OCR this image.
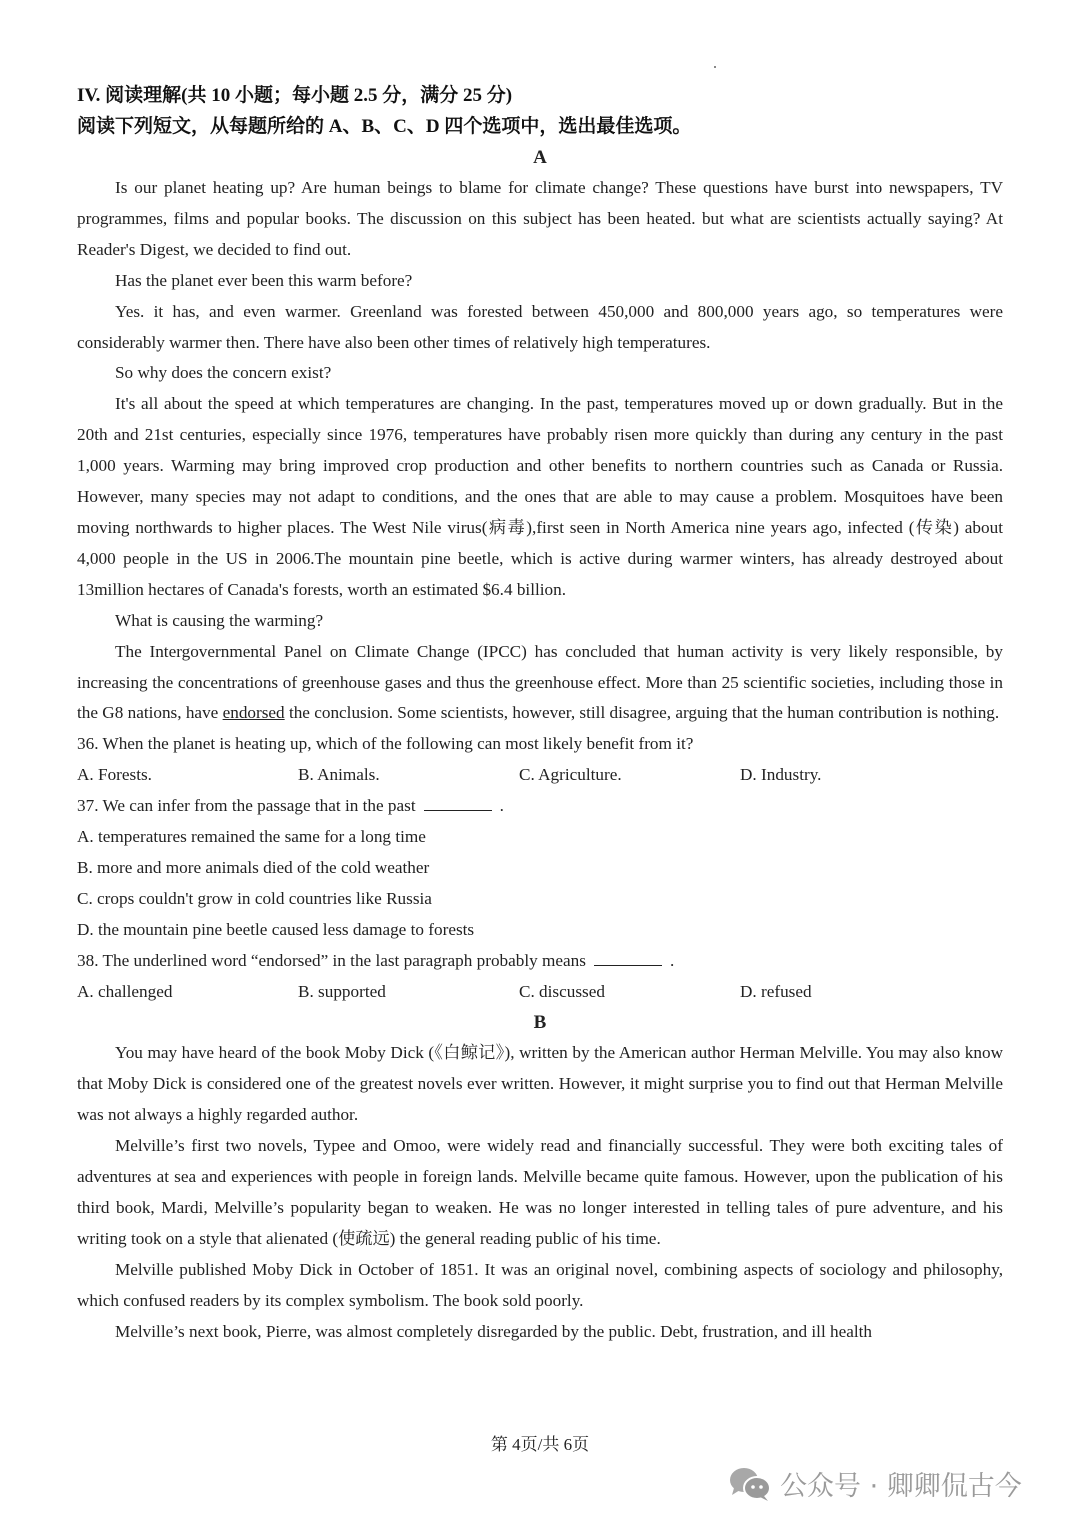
IV. 阅读理解(共 10 小题；每小题 2.5 分，满分 25 分)
阅读下列短文，从每题所给的 A、B、C、D 四个选项中，选出最佳选项。
A

Is our planet heating up? Are human beings to blame for climate change? These questions have burst into newspapers, TV programmes, films and popular books. The discussion on this subject has been heated. but what are scientists actually saying? At Reader's Digest, we decided to find out.

Has the planet ever been this warm before?

Yes. it has, and even warmer. Greenland was forested between 450,000 and 800,000 years ago, so temperatures were considerably warmer then. There have also been other times of relatively high temperatures.

So why does the concern exist?

It's all about the speed at which temperatures are changing. In the past, temperatures moved up or down gradually. But in the 20th and 21st centuries, especially since 1976, temperatures have probably risen more quickly than during any century in the past 1,000 years. Warming may bring improved crop production and other benefits to northern countries such as Canada or Russia. However, many species may not adapt to conditions, and the ones that are able to may cause a problem. Mosquitoes have been moving northwards to higher places. The West Nile virus(病毒),first seen in North America nine years ago, infected (传染) about 4,000 people in the US in 2006.The mountain pine beetle, which is active during warmer winters, has already destroyed about 13million hectares of Canada's forests, worth an estimated $6.4 billion.

What is causing the warming?

The Intergovernmental Panel on Climate Change (IPCC) has concluded that human activity is very likely responsible, by increasing the concentrations of greenhouse gases and thus the greenhouse effect. More than 25 scientific societies, including those in the G8 nations, have endorsed the conclusion. Some scientists, however, still disagree, arguing that the human contribution is nothing.

36. When the planet is heating up, which of the following can most likely benefit from it?

A. Forests.	B. Animals.	C. Agriculture.	D. Industry.

37. We can infer from the passage that in the past	.

A. temperatures remained the same for a long time

B. more and more animals died of the cold weather

C. crops couldn't grow in cold countries like Russia

D. the mountain pine beetle caused less damage to forests

38. The underlined word “endorsed” in the last paragraph probably means	.

A. challenged	B. supported	C. discussed	D. refused
B

You may have heard of the book Moby Dick (《白鲸记》), written by the American author Herman Melville. You may also know that Moby Dick is considered one of the greatest novels ever written. However, it might surprise you to find out that Herman Melville was not always a highly regarded author.

Melville’s first two novels, Typee and Omoo, were widely read and financially successful. They were both exciting tales of adventures at sea and experiences with people in foreign lands. Melville became quite famous. However, upon the publication of his third book, Mardi, Melville’s popularity began to weaken. He was no longer interested in telling tales of pure adventure, and his writing took on a style that alienated (使疏远) the general reading public of his time.

Melville published Moby Dick in October of 1851. It was an original novel, combining aspects of sociology and philosophy, which confused readers by its complex symbolism. The book sold poorly.

Melville’s next book, Pierre, was almost completely disregarded by the public. Debt, frustration, and ill health

第 4页/共 6页
公众号 · 卿卿侃古今
